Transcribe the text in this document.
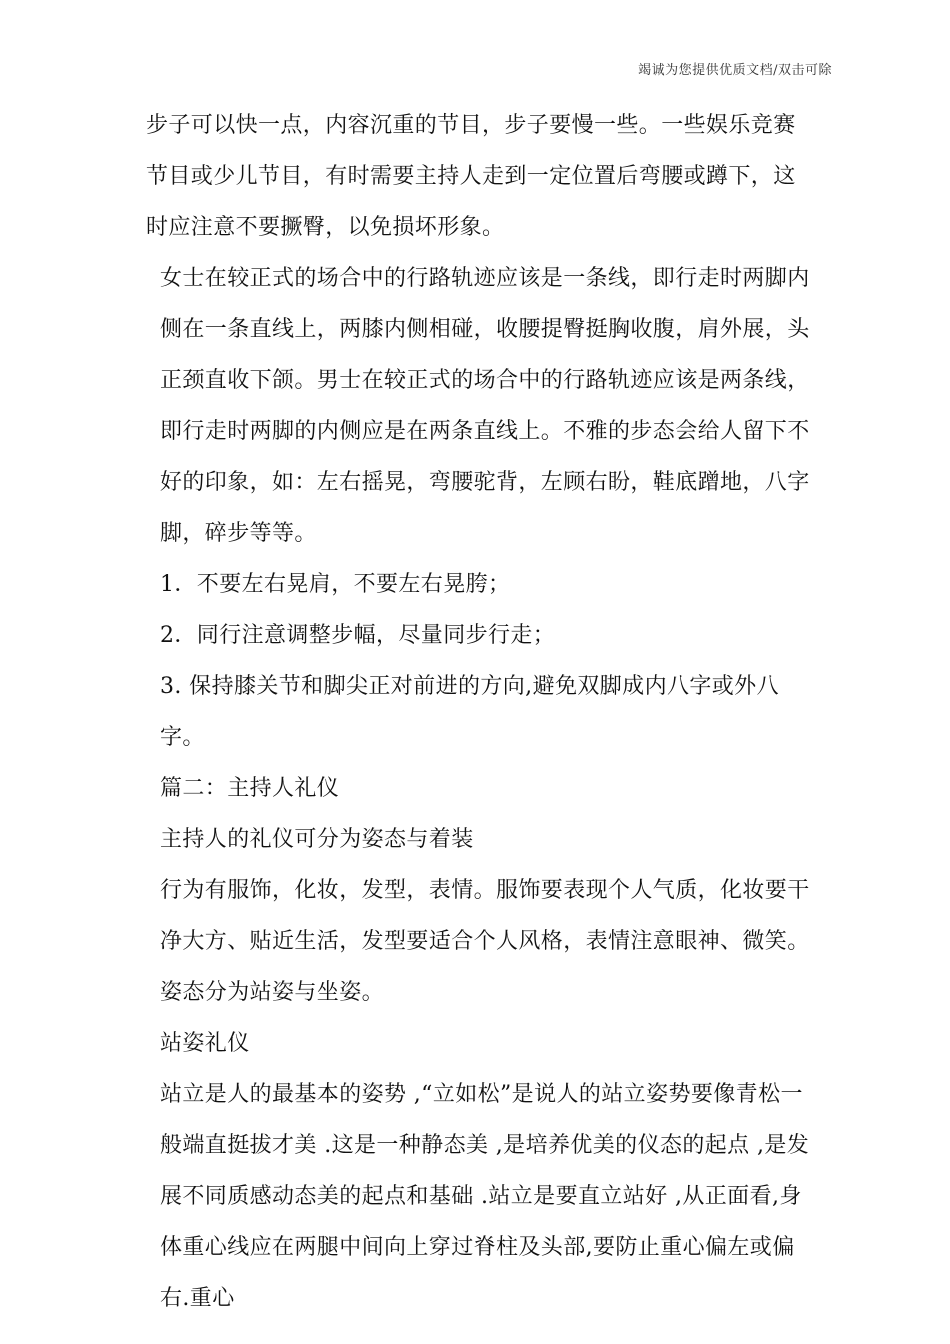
竭诚为您提供优质文档/双击可除

步子可以快一点，内容沉重的节目，步子要慢一些。一些娱乐竞赛节目或少儿节目，有时需要主持人走到一定位置后弯腰或蹲下，这时应注意不要撅臀，以免损坏形象。

女士在较正式的场合中的行路轨迹应该是一条线，即行走时两脚内侧在一条直线上，两膝内侧相碰，收腰提臀挺胸收腹，肩外展，头正颈直收下颌。男士在较正式的场合中的行路轨迹应该是两条线，即行走时两脚的内侧应是在两条直线上。不雅的步态会给人留下不好的印象，如：左右摇晃，弯腰驼背，左顾右盼，鞋底蹭地，八字脚，碎步等等。

1．不要左右晃肩，不要左右晃胯；

2．同行注意调整步幅，尽量同步行走；

3. 保持膝关节和脚尖正对前进的方向,避免双脚成内八字或外八字。

篇二：主持人礼仪

主持人的礼仪可分为姿态与着装

行为有服饰，化妆，发型，表情。服饰要表现个人气质，化妆要干净大方、贴近生活，发型要适合个人风格，表情注意眼神、微笑。

姿态分为站姿与坐姿。

站姿礼仪

站立是人的最基本的姿势 ,“立如松”是说人的站立姿势要像青松一般端直挺拔才美 .这是一种静态美 ,是培养优美的仪态的起点 ,是发展不同质感动态美的起点和基础 .站立是要直立站好 ,从正面看,身体重心线应在两腿中间向上穿过脊柱及头部,要防止重心偏左或偏右.重心
